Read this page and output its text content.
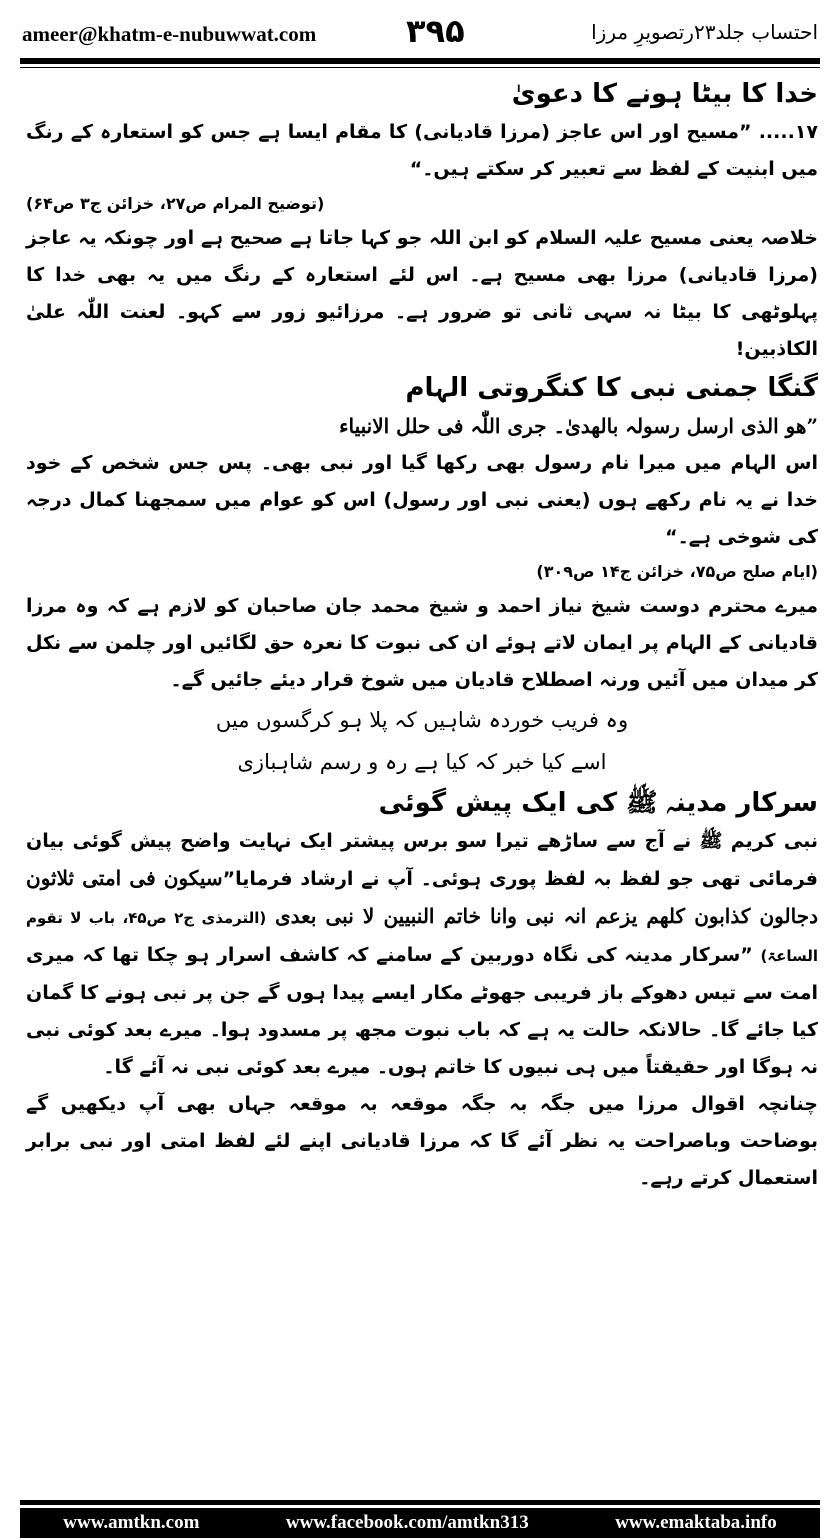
ameer@khatm-e-nubuwwat.com	۳۹۵	احتساب جلد۲۳رتصویرِ مرزا

خدا کا بیٹا ہونے کا دعویٰ

۱۷..... ”مسیح اور اس عاجز (مرزا قادیانی) کا مقام ایسا ہے جس کو استعارہ کے رنگ میں ابنیت کے لفظ سے تعبیر کر سکتے ہیں۔“

(توضیح المرام ص۲۷، خزائن ج۳ ص۶۴)

خلاصہ یعنی مسیح علیہ السلام کو ابن اللہ جو کہا جاتا ہے صحیح ہے اور چونکہ یہ عاجز (مرزا قادیانی) مرزا بھی مسیح ہے۔ اس لئے استعارہ کے رنگ میں یہ بھی خدا کا پہلوٹھی کا بیٹا نہ سہی ثانی تو ضرور ہے۔ مرزائیو زور سے کہو۔ لعنت اللّٰہ علیٰ الکاذبین!

گنگا جمنی نبی کا کنگروتی الہام

”ھو الذی ارسل رسولہ بالھدیٰ۔ جری اللّٰہ فی حلل الانبیاء

اس الہام میں میرا نام رسول بھی رکھا گیا اور نبی بھی۔ پس جس شخص کے خود خدا نے یہ نام رکھے ہوں (یعنی نبی اور رسول) اس کو عوام میں سمجھنا کمال درجہ کی شوخی ہے۔“

(ایام صلح ص۷۵، خزائن ج۱۴ ص۳۰۹)

میرے محترم دوست شیخ نیاز احمد و شیخ محمد جان صاحبان کو لازم ہے کہ وہ مرزا قادیانی کے الہام پر ایمان لاتے ہوئے ان کی نبوت کا نعرہ حق لگائیں اور چلمن سے نکل کر میدان میں آئیں ورنہ اصطلاح قادیان میں شوخ قرار دیئے جائیں گے۔

وہ فریب خوردہ شاہیں کہ پلا ہو کرگسوں میں

اسے کیا خبر کہ کیا ہے رہ و رسم شاہبازی

سرکار مدینہ ﷺ کی ایک پیش گوئی

نبی کریم ﷺ نے آج سے ساڑھے تیرا سو برس پیشتر ایک نہایت واضح پیش گوئی بیان فرمائی تھی جو لفظ بہ لفظ پوری ہوئی۔ آپ نے ارشاد فرمایا”سیکون فی امتی ثلاثون دجالون کذابون کلھم یزعم انہ نبی وانا خاتم النبیین لا نبی بعدی (الترمذی ج۲ ص۴۵، باب لا تقوم الساعۃ) ”سرکار مدینہ کی نگاہ دوربین کے سامنے کہ کاشف اسرار ہو چکا تھا کہ میری امت سے تیس دھوکے باز فریبی جھوٹے مکار ایسے پیدا ہوں گے جن پر نبی ہونے کا گمان کیا جائے گا۔ حالانکہ حالت یہ ہے کہ باب نبوت مجھ پر مسدود ہوا۔ میرے بعد کوئی نبی نہ ہوگا اور حقیقتاً میں ہی نبیوں کا خاتم ہوں۔ میرے بعد کوئی نبی نہ آئے گا۔

چنانچہ اقوال مرزا میں جگہ بہ جگہ موقعہ بہ موقعہ جہاں بھی آپ دیکھیں گے بوضاحت وباصراحت یہ نظر آئے گا کہ مرزا قادیانی اپنے لئے لفظ امتی اور نبی برابر استعمال کرتے رہے۔

www.amtkn.com	www.facebook.com/amtkn313	www.emaktaba.info
